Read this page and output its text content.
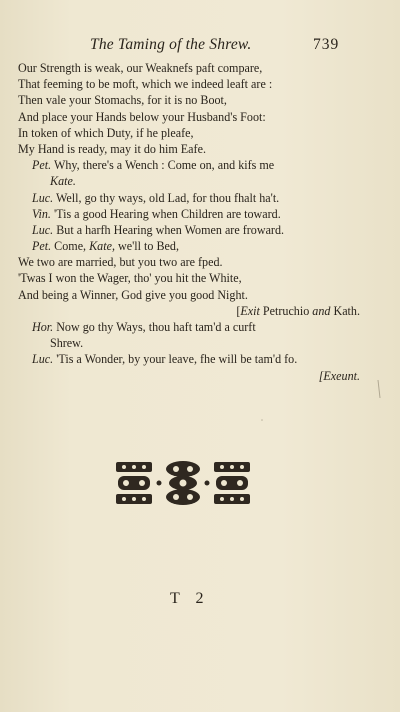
The Taming of the Shrew.	739
Our Strength is weak, our Weaknefs paft compare,
That feeming to be moft, which we indeed leaft are :
Then vale your Stomachs, for it is no Boot,
And place your Hands below your Husband's Foot:
In token of which Duty, if he pleafe,
My Hand is ready, may it do him Eafe.
Pet. Why, there's a Wench : Come on, and kifs me
Kate.
Luc. Well, go thy ways, old Lad, for thou fhalt ha't.
Vin. 'Tis a good Hearing when Children are toward.
Luc. But a harfh Hearing when Women are froward.
Pet. Come, Kate, we'll to Bed,
We two are married, but you two are fped.
'Twas I won the Wager, tho' you hit the White,
And being a Winner, God give you good Night.
[Exit Petruchio and Kath.
Hor. Now go thy Ways, thou haft tam'd a curft
Shrew.
Luc. 'Tis a Wonder, by your leave, fhe will be tam'd fo.
[Exeunt.
T 2
